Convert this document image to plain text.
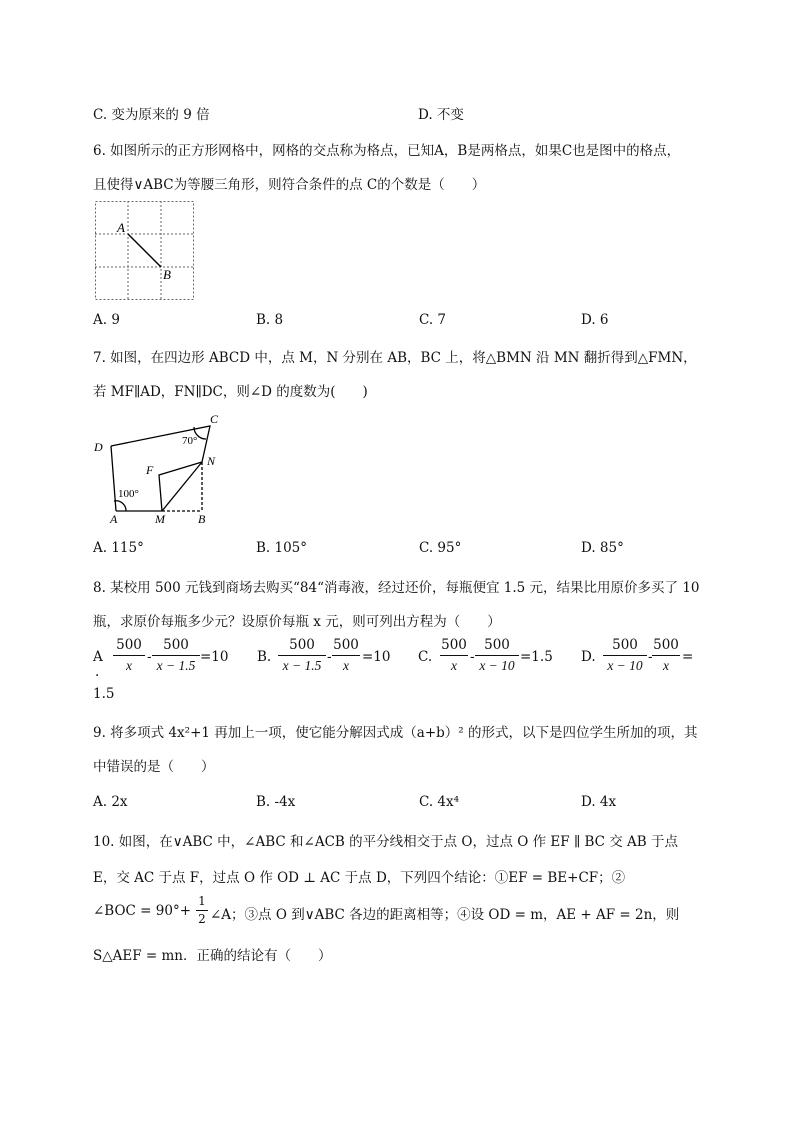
C. 变为原来的 9 倍	D. 不变
6. 如图所示的正方形网格中，网格的交点称为格点，已知A，B是两格点，如果C也是图中的格点，
且使得∨ABC为等腰三角形，则符合条件的点 C的个数是（　　）
A
B
A. 9	B. 8	C. 7	D. 6
7. 如图，在四边形 ABCD 中，点 M，N 分别在 AB，BC 上，将△BMN 沿 MN 翻折得到△FMN，
若 MF∥AD，FN∥DC，则∠D 的度数为(　　)
C
D
F
N
A	M	B
70°
100°
A. 115°	B. 105°	C. 95°	D. 85°
8. 某校用 500 元钱到商场去购买“84“消毒液，经过还价，每瓶便宜 1.5 元，结果比用原价多买了 10
瓶，求原价每瓶多少元？设原价每瓶 x 元，则可列出方程为（　　）
A
.
500
x
-
500
x − 1.5
=10 B.
500
x − 1.5
-
500
x
=10 C.
500
x
-
500
x − 10
=1.5 D.
500
x − 10
-
500
x
=
1.5
9. 将多项式 4x²+1 再加上一项，使它能分解因式成（a+b）² 的形式，以下是四位学生所加的项，其
中错误的是（　　）
A. 2x	B. -4x	C. 4x⁴	D. 4x
10. 如图，在∨ABC 中，∠ABC 和∠ACB 的平分线相交于点 O，过点 O 作 EF ∥ BC 交 AB 于点
E，交 AC 于点 F，过点 O 作 OD ⊥ AC 于点 D，下列四个结论：①EF = BE+CF；②
∠BOC = 90°+
1
2 ∠A；③点 O 到∨ABC 各边的距离相等；④设 OD = m，AE + AF = 2n，则
S△AEF = mn．正确的结论有（　　）
